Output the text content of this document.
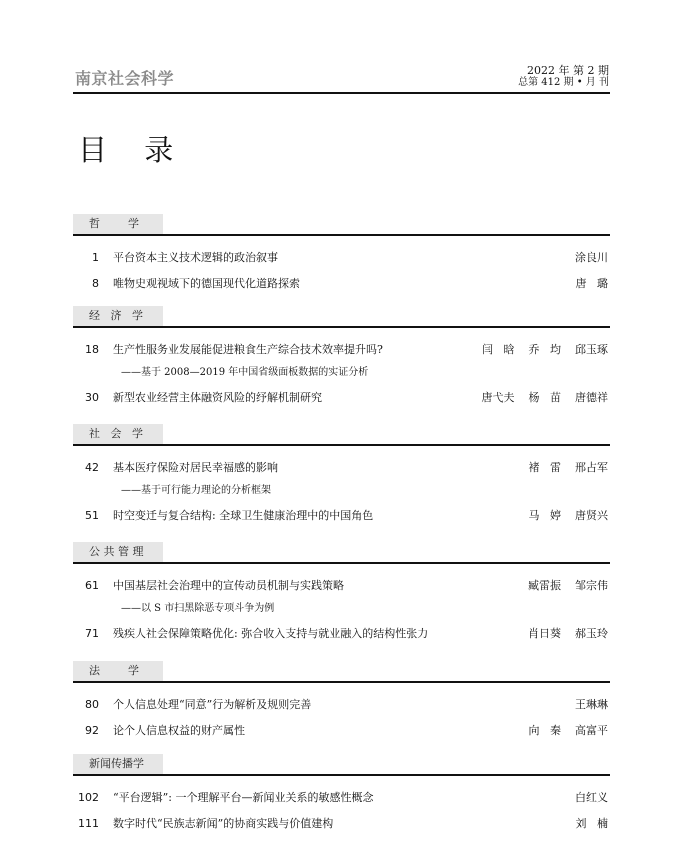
南京社会科学	2022 年 第 2 期
总第 412 期 • 月 刊
目 录
哲        学
1 平台资本主义技术逻辑的政治叙事	涂良川
8 唯物史观视域下的德国现代化道路探索	唐   璐
经   济   学
18 生产性服务业发展能促进粮食生产综合技术效率提升吗?	闫   晗    乔   均    邱玉琢
——基于 2008—2019 年中国省级面板数据的实证分析
30 新型农业经营主体融资风险的纾解机制研究	唐弋夫    杨   苗    唐德祥
社   会   学
42 基本医疗保险对居民幸福感的影响	褚   雷    邢占军
——基于可行能力理论的分析框架
51 时空变迁与复合结构: 全球卫生健康治理中的中国角色	马   婷    唐贤兴
公 共 管 理
61 中国基层社会治理中的宣传动员机制与实践策略	臧雷振    邹宗伟
——以 S 市扫黑除恶专项斗争为例
71 残疾人社会保障策略优化: 弥合收入支持与就业融入的结构性张力	肖日葵    郝玉玲
法        学
80 个人信息处理“同意”行为解析及规则完善	王琳琳
92 论个人信息权益的财产属性	向   秦    高富平
新闻传播学
102 “平台逻辑”: 一个理解平台—新闻业关系的敏感性概念	白红义
111 数字时代“民族志新闻”的协商实践与价值建构	刘   楠
